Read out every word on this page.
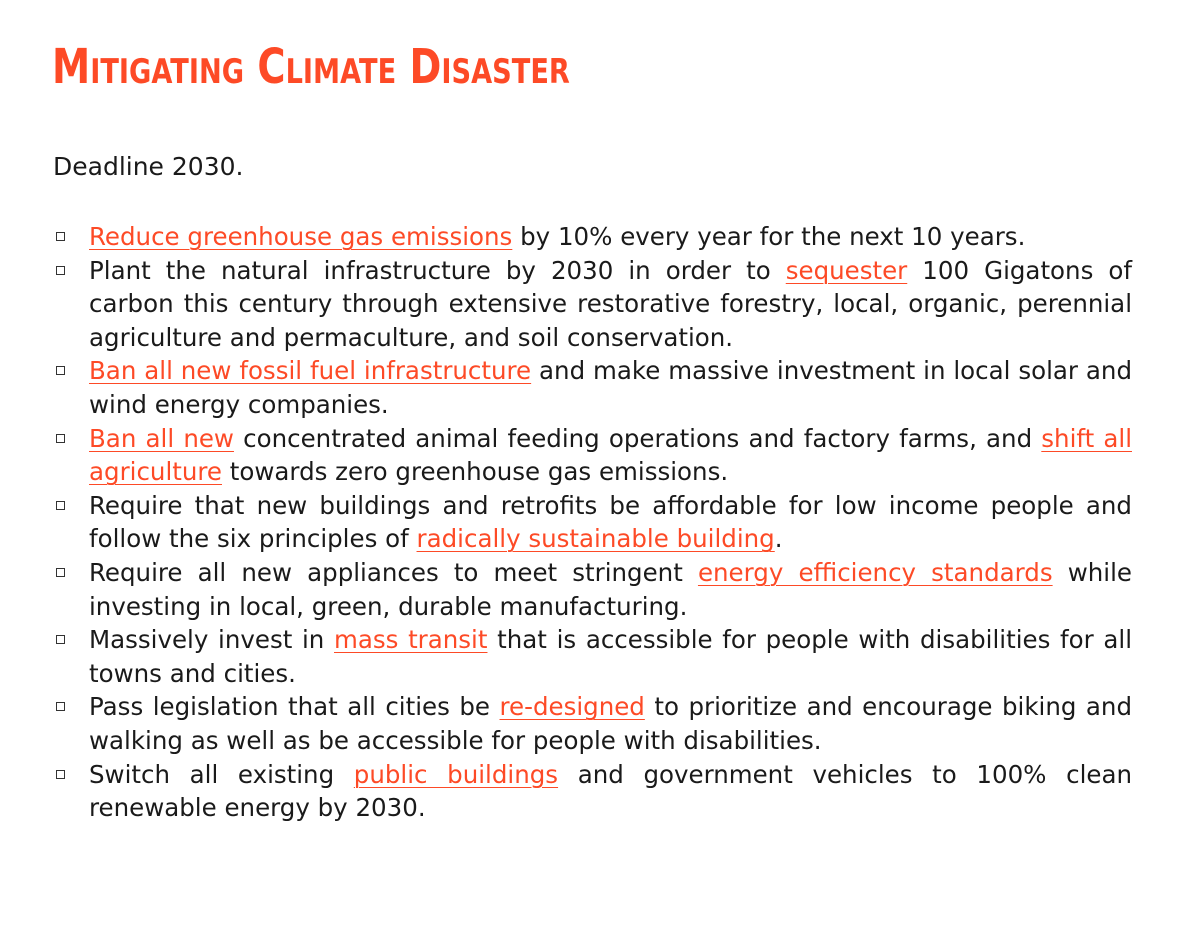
Mitigating Climate Disaster

Deadline 2030.

Reduce greenhouse gas emissions by 10% every year for the next 10 years.
Plant the natural infrastructure by 2030 in order to sequester 100 Gigatons of carbon this century through extensive restorative forestry, local, organic, perennial agriculture and permaculture, and soil conservation.
Ban all new fossil fuel infrastructure and make massive investment in local solar and wind energy companies.
Ban all new concentrated animal feeding operations and factory farms, and shift all agriculture towards zero greenhouse gas emissions.
Require that new buildings and retrofits be affordable for low income people and follow the six principles of radically sustainable building.
Require all new appliances to meet stringent energy efficiency standards while investing in local, green, durable manufacturing.
Massively invest in mass transit that is accessible for people with disabilities for all towns and cities.
Pass legislation that all cities be re-designed to prioritize and encourage biking and walking as well as be accessible for people with disabilities.
Switch all existing public buildings and government vehicles to 100% clean renewable energy by 2030.
